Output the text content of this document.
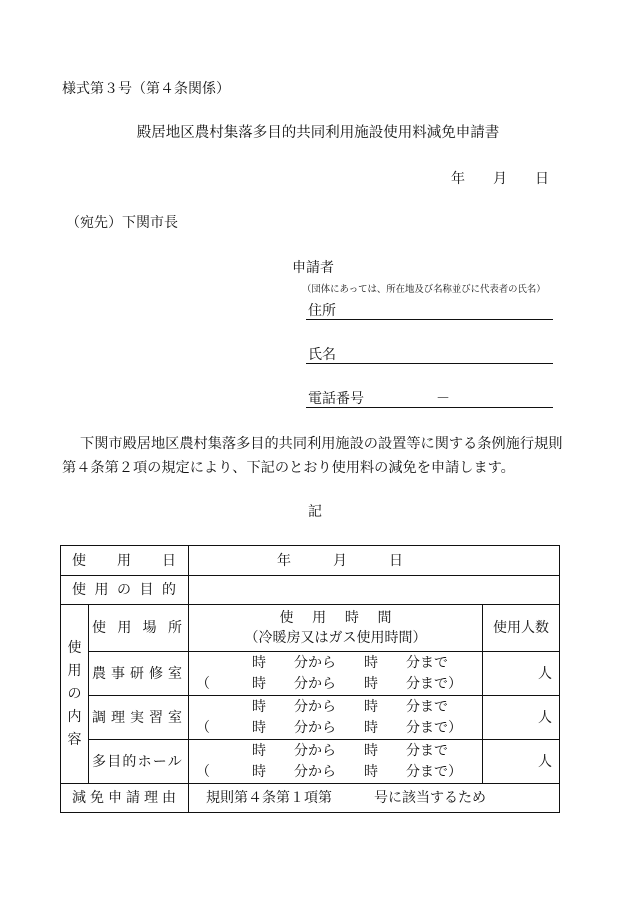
様式第３号（第４条関係）
殿居地区農村集落多目的共同利用施設使用料減免申請書
年　　月　　日
（宛先）下関市長
申請者
（団体にあっては、所在地及び名称並びに代表者の氏名）
住所
氏名
電話番号	－
下関市殿居地区農村集落多目的共同利用施設の設置等に関する条例施行規則
第４条第２項の規定により、下記のとおり使用料の減免を申請します。
記
使 用 日	年　　　月　　　日
使 用 の 目 的
使用の内容
使 用 場 所
使 用 時 間
（冷暖房又はガス使用時間）
使用人数
農 事 研 修 室
時　　分から　　時　　分まで
（　　　時　　分から　　時　　分まで）
人
調 理 実 習 室
時　　分から　　時　　分まで
（　　　時　　分から　　時　　分まで）
人
多目的ホール
時　　分から　　時　　分まで
（　　　時　　分から　　時　　分まで）
人
減 免 申 請 理 由 規則第４条第１項第　　　号に該当するため
